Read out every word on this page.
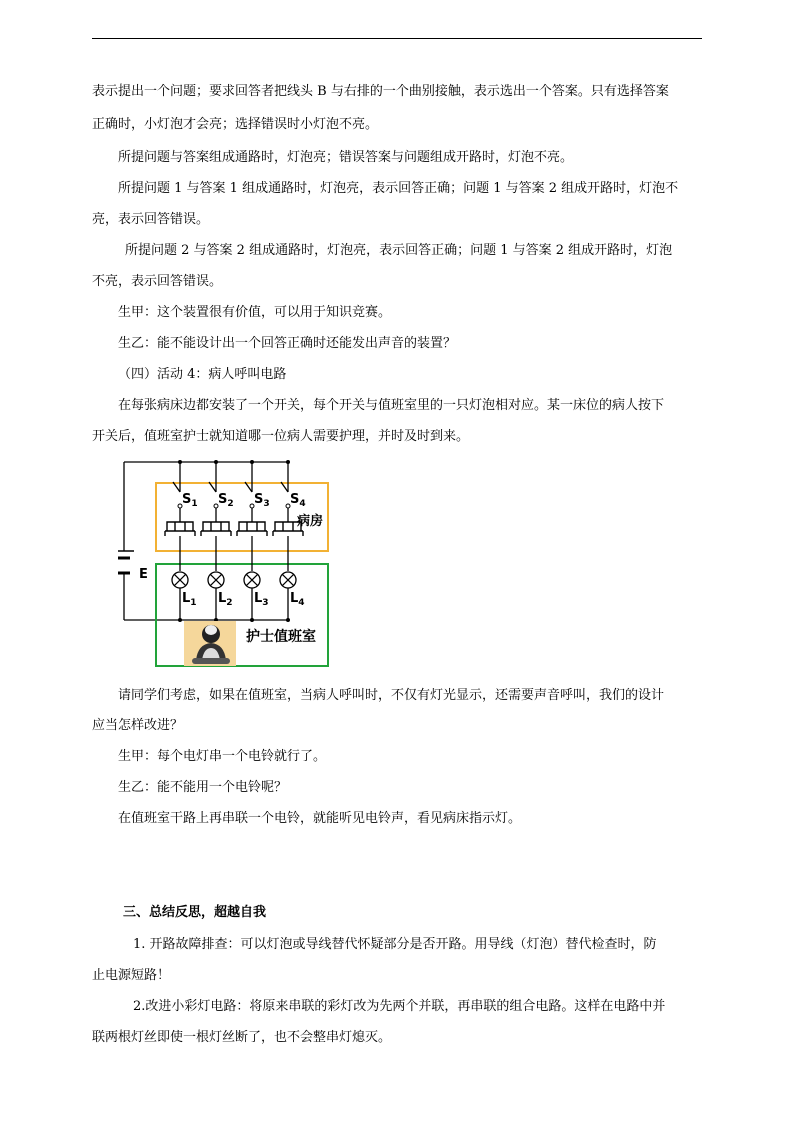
表示提出一个问题；要求回答者把线头 B 与右排的一个曲别接触，表示选出一个答案。只有选择答案
正确时，小灯泡才会亮；选择错误时小灯泡不亮。
所提问题与答案组成通路时，灯泡亮；错误答案与问题组成开路时，灯泡不亮。
所提问题 1 与答案 1 组成通路时，灯泡亮，表示回答正确；问题 1 与答案 2 组成开路时，灯泡不
亮，表示回答错误。
所提问题 2 与答案 2 组成通路时，灯泡亮，表示回答正确；问题 1 与答案 2 组成开路时，灯泡
不亮，表示回答错误。
生甲：这个装置很有价值，可以用于知识竞赛。
生乙：能不能设计出一个回答正确时还能发出声音的装置？
（四）活动 4：病人呼叫电路
在每张病床边都安装了一个开关，每个开关与值班室里的一只灯泡相对应。某一床位的病人按下
开关后，值班室护士就知道哪一位病人需要护理，并时及时到来。
E
$S_1$
$L_1$
$S_2$
$L_2$
$S_3$
$L_3$
$S_4$
$L_4$
病房
护士值班室
请同学们考虑，如果在值班室，当病人呼叫时，不仅有灯光显示，还需要声音呼叫，我们的设计
应当怎样改进？
生甲：每个电灯串一个电铃就行了。
生乙：能不能用一个电铃呢？
在值班室干路上再串联一个电铃，就能听见电铃声，看见病床指示灯。
三、总结反思，超越自我
1. 开路故障排查：可以灯泡或导线替代怀疑部分是否开路。用导线（灯泡）替代检查时，防
止电源短路！
2.改进小彩灯电路：将原来串联的彩灯改为先两个并联，再串联的组合电路。这样在电路中并
联两根灯丝即使一根灯丝断了，也不会整串灯熄灭。
